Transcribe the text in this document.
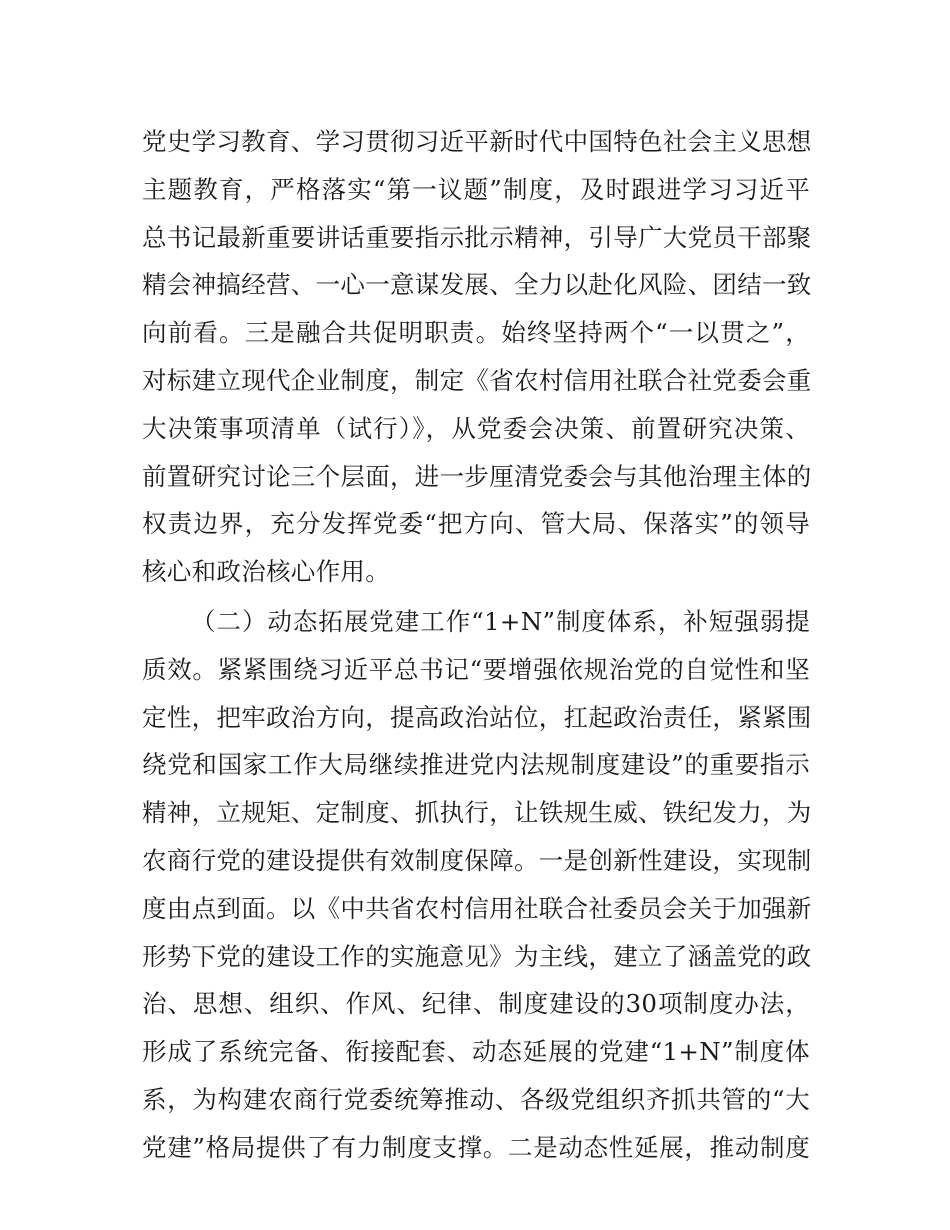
党史学习教育、学习贯彻习近平新时代中国特色社会主义思想
主题教育，严格落实“第一议题”制度，及时跟进学习习近平
总书记最新重要讲话重要指示批示精神，引导广大党员干部聚
精会神搞经营、一心一意谋发展、全力以赴化风险、团结一致
向前看。三是融合共促明职责。始终坚持两个“一以贯之”，
对标建立现代企业制度，制定《省农村信用社联合社党委会重
大决策事项清单（试行）》，从党委会决策、前置研究决策、
前置研究讨论三个层面，进一步厘清党委会与其他治理主体的
权责边界，充分发挥党委“把方向、管大局、保落实”的领导
核心和政治核心作用。
（二）动态拓展党建工作“1+N”制度体系，补短强弱提
质效。紧紧围绕习近平总书记“要增强依规治党的自觉性和坚
定性，把牢政治方向，提高政治站位，扛起政治责任，紧紧围
绕党和国家工作大局继续推进党内法规制度建设”的重要指示
精神，立规矩、定制度、抓执行，让铁规生威、铁纪发力，为
农商行党的建设提供有效制度保障。一是创新性建设，实现制
度由点到面。以《中共省农村信用社联合社委员会关于加强新
形势下党的建设工作的实施意见》为主线，建立了涵盖党的政
治、思想、组织、作风、纪律、制度建设的30项制度办法，
形成了系统完备、衔接配套、动态延展的党建“1+N”制度体
系，为构建农商行党委统筹推动、各级党组织齐抓共管的“大
党建”格局提供了有力制度支撑。二是动态性延展，推动制度
